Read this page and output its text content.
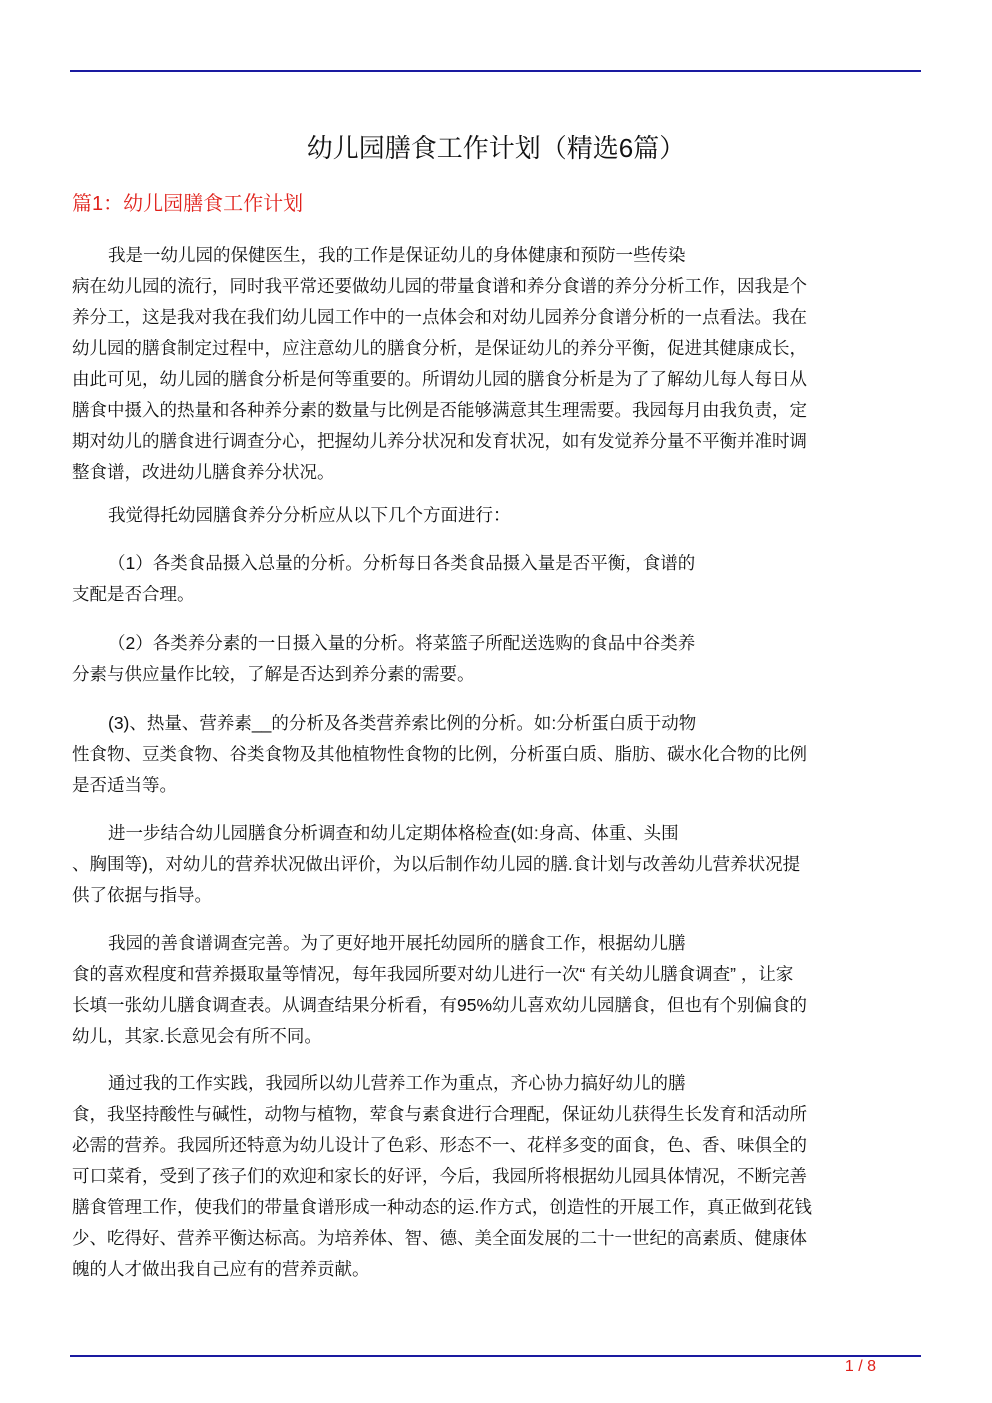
幼儿园膳食工作计划（精选6篇）
篇1：幼儿园膳食工作计划
我是一幼儿园的保健医生，我的工作是保证幼儿的身体健康和预防一些传染
病在幼儿园的流行，同时我平常还要做幼儿园的带量食谱和养分食谱的养分分析工作，因我是个
养分工，这是我对我在我们幼儿园工作中的一点体会和对幼儿园养分食谱分析的一点看法。我在
幼儿园的膳食制定过程中，应注意幼儿的膳食分析，是保证幼儿的养分平衡，促进其健康成长，
由此可见，幼儿园的膳食分析是何等重要的。所谓幼儿园的膳食分析是为了了解幼儿每人每日从
膳食中摄入的热量和各种养分素的数量与比例是否能够满意其生理需要。我园每月由我负责，定
期对幼儿的膳食进行调查分心，把握幼儿养分状况和发育状况，如有发觉养分量不平衡并准时调
整食谱，改进幼儿膳食养分状况。
我觉得托幼园膳食养分分析应从以下几个方面进行：
（1）各类食品摄入总量的分析。分析每日各类食品摄入量是否平衡，食谱的
支配是否合理。
（2）各类养分素的一日摄入量的分析。将菜篮子所配送选购的食品中谷类养
分素与供应量作比较，了解是否达到养分素的需要。
(3)、热量、营养素__的分析及各类营养索比例的分析。如:分析蛋白质于动物
性食物、豆类食物、谷类食物及其他植物性食物的比例，分析蛋白质、脂肪、碳水化合物的比例
是否适当等。
进一步结合幼儿园膳食分析调查和幼儿定期体格检查(如:身高、体重、头围
、胸围等)，对幼儿的营养状况做出评价，为以后制作幼儿园的膳.食计划与改善幼儿营养状况提
供了依据与指导。
我园的善食谱调查完善。为了更好地开展托幼园所的膳食工作，根据幼儿膳
食的喜欢程度和营养摄取量等情况，每年我园所要对幼儿进行一次“ 有关幼儿膳食调查” ，让家
长填一张幼儿膳食调查表。从调查结果分析看，有95%幼儿喜欢幼儿园膳食，但也有个别偏食的
幼儿，其家.长意见会有所不同。
通过我的工作实践，我园所以幼儿营养工作为重点，齐心协力搞好幼儿的膳
食，我坚持酸性与碱性，动物与植物，荤食与素食进行合理配，保证幼儿获得生长发育和活动所
必需的营养。我园所还特意为幼儿设计了色彩、形态不一、花样多变的面食，色、香、味俱全的
可口菜肴，受到了孩子们的欢迎和家长的好评，今后，我园所将根据幼儿园具体情况，不断完善
膳食管理工作，使我们的带量食谱形成一种动态的运.作方式，创造性的开展工作，真正做到花钱
少、吃得好、营养平衡达标高。为培养体、智、德、美全面发展的二十一世纪的高素质、健康体
魄的人才做出我自己应有的营养贡献。
1 / 8
